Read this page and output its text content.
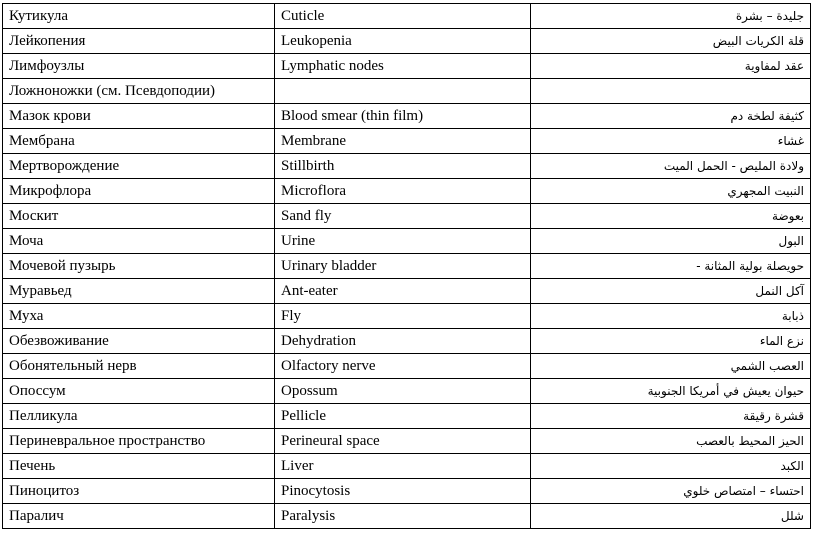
Кутикула	Cuticle	جليدة – بشرة
Лейкопения	Leukopenia	قلة الكريات البيض
Лимфоузлы	Lymphatic nodes	عقد لمفاوية
Ложноножки (см. Псевдоподии)		
Мазок крови	Blood smear (thin film)	كثيفة لطخة دم
Мембрана	Membrane	غشاء
Мертворождение	Stillbirth	ولادة المليص - الحمل الميت
Микрофлора	Microflora	النبيت المجهري
Москит	Sand fly	بعوضة
Моча	Urine	البول
Мочевой пузырь	Urinary bladder	حويصلة بولية المثانة -
Муравьед	Ant-eater	آكل النمل
Муха	Fly	ذبابة
Обезвоживание	Dehydration	نزع الماء
Обонятельный нерв	Olfactory nerve	العصب الشمي
Опоссум	Opossum	حيوان يعيش في أمريكا الجنوبية
Пелликула	Pellicle	قشرة رقيقة
Периневральное пространство	Perineural space	الحيز المحيط بالعصب
Печень	Liver	الكبد
Пиноцитоз	Pinocytosis	احتساء – امتصاص خلوي
Паралич	Paralysis	شلل
